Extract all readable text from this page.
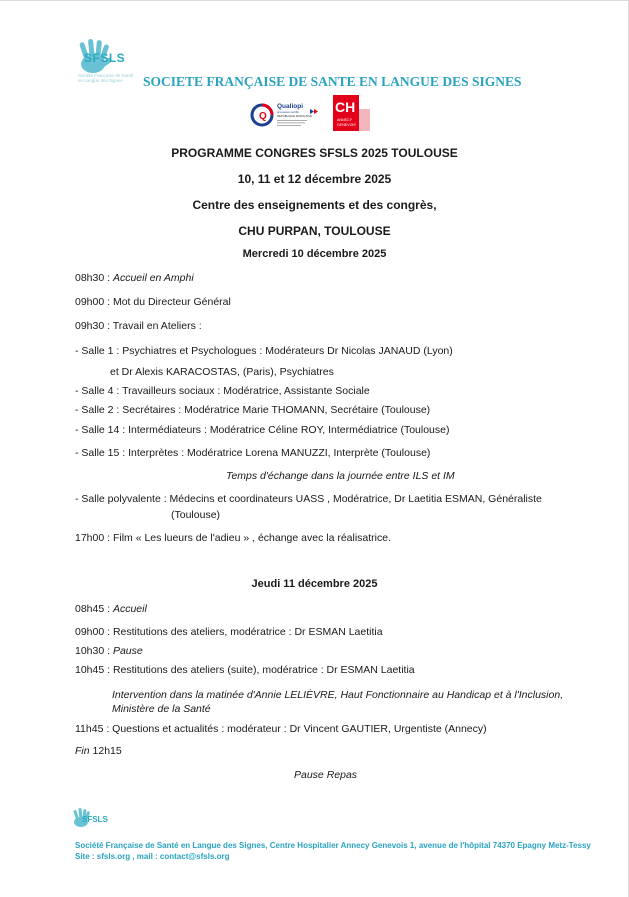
SFSLS
Société Française de Santé en Langue des Signes	SOCIETE FRANÇAISE DE SANTE EN LANGUE DES SIGNES
Q
Qualiopi
processus certifié
RÉPUBLIQUE FRANÇAISE
CH
ANNECY
GENEVOIS
PROGRAMME CONGRES SFSLS 2025 TOULOUSE
10, 11 et 12 décembre 2025
Centre des enseignements et des congrès,
CHU PURPAN, TOULOUSE
Mercredi 10 décembre 2025
08h30 : Accueil en Amphi
09h00 : Mot du Directeur Général
09h30 : Travail en Ateliers :
- Salle 1 : Psychiatres et Psychologues : Modérateurs Dr Nicolas JANAUD (Lyon)
et Dr Alexis KARACOSTAS, (Paris), Psychiatres
- Salle 4 : Travailleurs sociaux : Modératrice, Assistante Sociale
- Salle 2 : Secrétaires : Modératrice Marie THOMANN, Secrétaire (Toulouse)
- Salle 14 : Intermédiateurs : Modératrice Céline ROY, Intermédiatrice (Toulouse)
- Salle 15 : Interprètes : Modératrice Lorena MANUZZI, Interprète (Toulouse)
Temps d'échange dans la journée entre ILS et IM
- Salle polyvalente : Médecins et coordinateurs UASS , Modératrice, Dr Laetitia ESMAN, Généraliste
(Toulouse)
17h00 : Film « Les lueurs de l'adieu » , échange avec la réalisatrice.
Jeudi 11 décembre 2025
08h45 : Accueil
09h00 : Restitutions des ateliers, modératrice : Dr ESMAN Laetitia
10h30 : Pause
10h45 : Restitutions des ateliers (suite), modératrice : Dr ESMAN Laetitia
Intervention dans la matinée d'Annie LELIÈVRE, Haut Fonctionnaire au Handicap et à l'Inclusion,
Ministère de la Santé
11h45 : Questions et actualités : modérateur : Dr Vincent GAUTIER, Urgentiste (Annecy)
Fin 12h15
Pause Repas
SFSLS
Société Française de Santé en Langue des Signes, Centre Hospitalier Annecy Genevois 1, avenue de l'hôpital 74370 Epagny Metz-Tessy
Site : sfsls.org , mail : contact@sfsls.org
